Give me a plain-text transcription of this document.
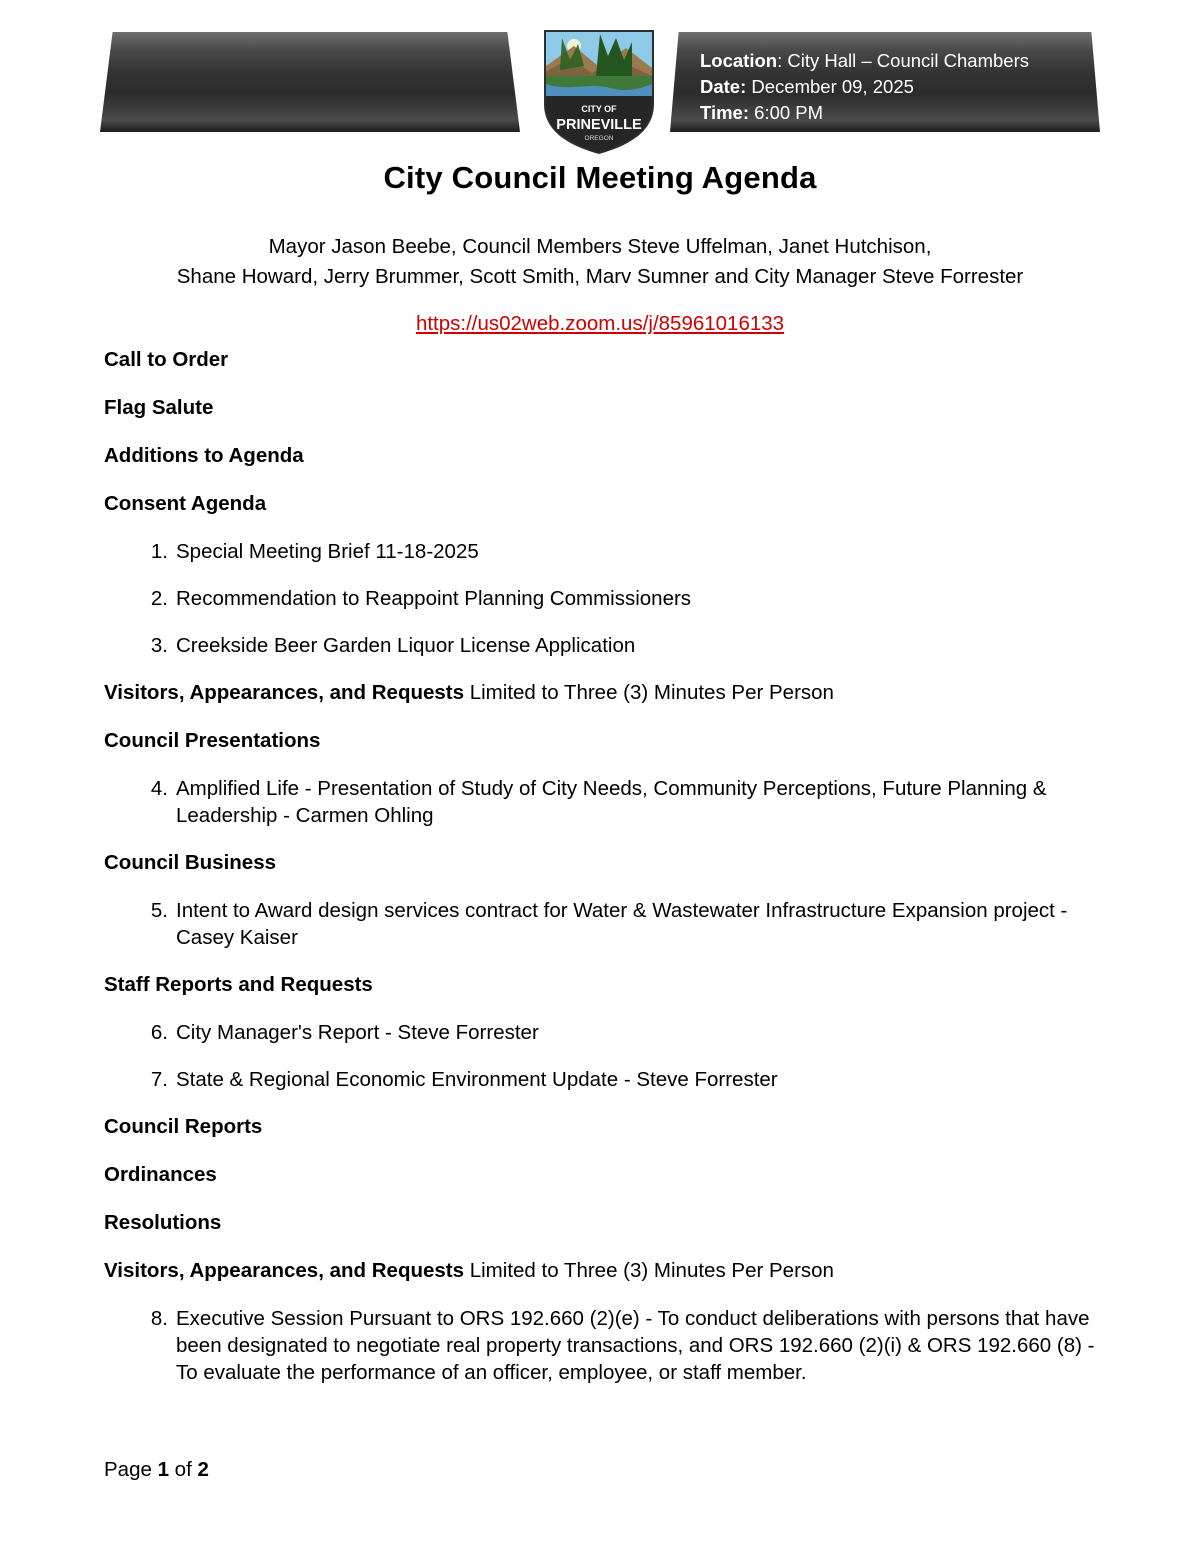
CITY OF
PRINEVILLE
OREGON
Location: City Hall – Council Chambers
Date: December 09, 2025
Time: 6:00 PM
City Council Meeting Agenda
Mayor Jason Beebe, Council Members Steve Uffelman, Janet Hutchison,
Shane Howard, Jerry Brummer, Scott Smith, Marv Sumner and City Manager Steve Forrester
https://us02web.zoom.us/j/85961016133
Call to Order
Flag Salute
Additions to Agenda
Consent Agenda
1. Special Meeting Brief 11-18-2025
2. Recommendation to Reappoint Planning Commissioners
3. Creekside Beer Garden Liquor License Application
Visitors, Appearances, and Requests Limited to Three (3) Minutes Per Person
Council Presentations
4. Amplified Life - Presentation of Study of City Needs, Community Perceptions, Future Planning & Leadership - Carmen Ohling
Council Business
5. Intent to Award design services contract for Water & Wastewater Infrastructure Expansion project - Casey Kaiser
Staff Reports and Requests
6. City Manager's Report - Steve Forrester
7. State & Regional Economic Environment Update - Steve Forrester
Council Reports
Ordinances
Resolutions
Visitors, Appearances, and Requests Limited to Three (3) Minutes Per Person
8. Executive Session Pursuant to ORS 192.660 (2)(e) - To conduct deliberations with persons that have been designated to negotiate real property transactions, and ORS 192.660 (2)(i) & ORS 192.660 (8) - To evaluate the performance of an officer, employee, or staff member.
Page 1 of 2
